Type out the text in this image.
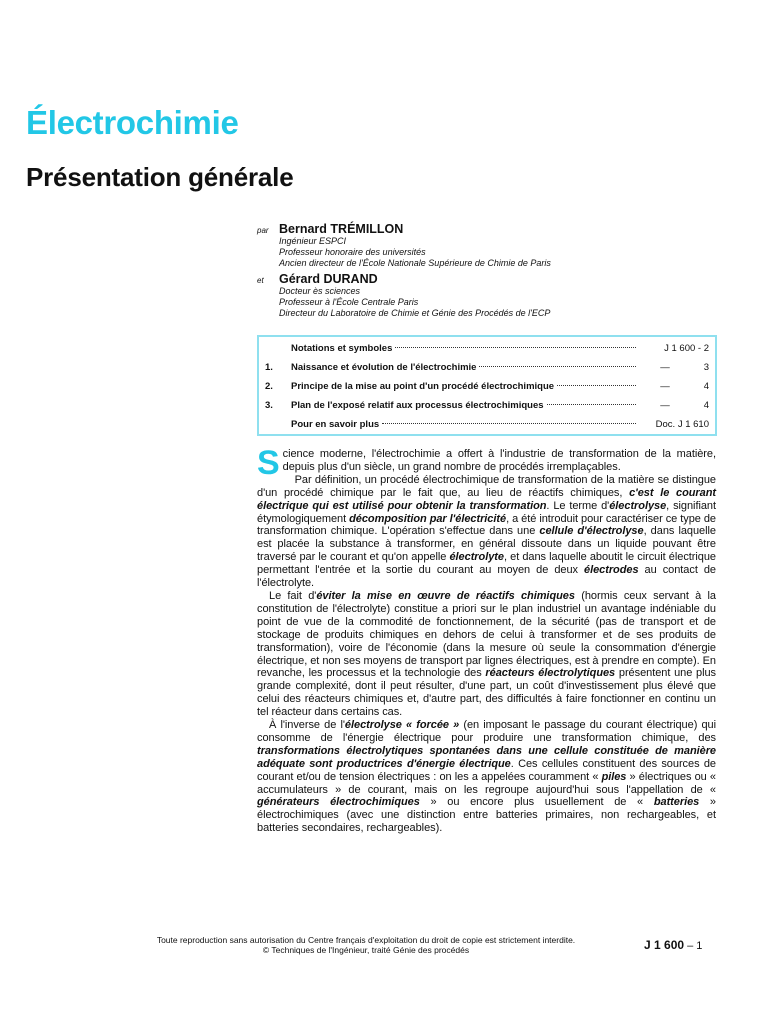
Électrochimie
Présentation générale
par Bernard TRÉMILLON
Ingénieur ESPCI
Professeur honoraire des universités
Ancien directeur de l'École Nationale Supérieure de Chimie de Paris
et	Gérard DURAND
Docteur ès sciences
Professeur à l'École Centrale Paris
Directeur du Laboratoire de Chimie et Génie des Procédés de l'ECP
Notations et symboles	J 1 600 - 2
1.	Naissance et évolution de l'électrochimie	—	3
2.	Principe de la mise au point d'un procédé électrochimique	—	4
3.	Plan de l'exposé relatif aux processus électrochimiques	—	4
Pour en savoir plus	Doc. J 1 610

Science moderne, l'électrochimie a offert à l'industrie de transformation de la matière, depuis plus d'un siècle, un grand nombre de procédés irremplaçables.

Par définition, un procédé électrochimique de transformation de la matière se distingue d'un procédé chimique par le fait que, au lieu de réactifs chimiques, c'est le courant électrique qui est utilisé pour obtenir la transformation. Le terme d'électrolyse, signifiant étymologiquement décomposition par l'électricité, a été introduit pour caractériser ce type de transformation chimique. L'opération s'effectue dans une cellule d'électrolyse, dans laquelle est placée la substance à transformer, en général dissoute dans un liquide pouvant être traversé par le courant et qu'on appelle électrolyte, et dans laquelle aboutit le circuit électrique permettant l'entrée et la sortie du courant au moyen de deux électrodes au contact de l'électrolyte.

Le fait d'éviter la mise en œuvre de réactifs chimiques (hormis ceux servant à la constitution de l'électrolyte) constitue a priori sur le plan industriel un avantage indéniable du point de vue de la commodité de fonctionnement, de la sécurité (pas de transport et de stockage de produits chimiques en dehors de celui à transformer et de ses produits de transformation), voire de l'économie (dans la mesure où seule la consommation d'énergie électrique, et non ses moyens de transport par lignes électriques, est à prendre en compte). En revanche, les processus et la technologie des réacteurs électrolytiques présentent une plus grande complexité, dont il peut résulter, d'une part, un coût d'investissement plus élevé que celui des réacteurs chimiques et, d'autre part, des difficultés à faire fonctionner en continu un tel réacteur dans certains cas.

À l'inverse de l'électrolyse « forcée » (en imposant le passage du courant électrique) qui consomme de l'énergie électrique pour produire une transformation chimique, des transformations électrolytiques spontanées dans une cellule constituée de manière adéquate sont productrices d'énergie électrique. Ces cellules constituent des sources de courant et/ou de tension électriques : on les a appelées couramment « piles » électriques ou « accumulateurs » de courant, mais on les regroupe aujourd'hui sous l'appellation de « générateurs électrochimiques » ou encore plus usuellement de « batteries » électrochimiques (avec une distinction entre batteries primaires, non rechargeables, et batteries secondaires, rechargeables).

Toute reproduction sans autorisation du Centre français d'exploitation du droit de copie est strictement interdite.
© Techniques de l'Ingénieur, traité Génie des procédés	J 1 600 – 1
